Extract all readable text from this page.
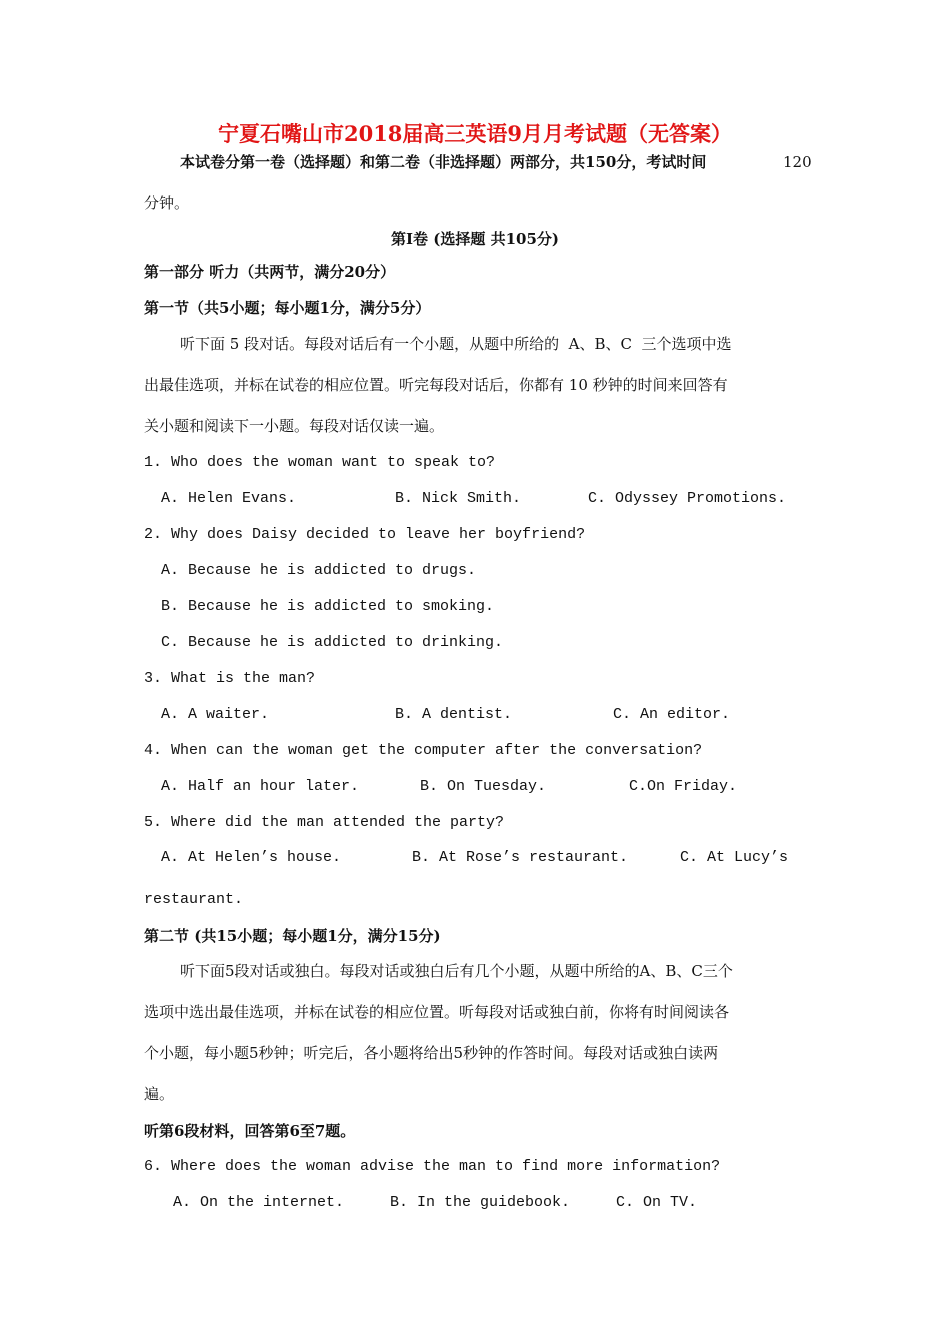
宁夏石嘴山市2018届高三英语9月月考试题（无答案）
本试卷分第一卷（选择题）和第二卷（非选择题）两部分，共150分，考试时间	120
分钟。
第Ⅰ卷 (选择题 共105分)
第一部分 听力（共两节，满分20分）
第一节（共5小题；每小题1分，满分5分）
听下面 5 段对话。每段对话后有一个小题，从题中所给的  A、B、C  三个选项中选
出最佳选项，并标在试卷的相应位置。听完每段对话后，你都有 10 秒钟的时间来回答有
关小题和阅读下一小题。每段对话仅读一遍。
1. Who does the woman want to speak to?
A. Helen Evans.	B. Nick Smith.	C. Odyssey Promotions.
2. Why does Daisy decided to leave her boyfriend?
A. Because he is addicted to drugs.
B. Because he is addicted to smoking.
C. Because he is addicted to drinking.
3. What is the man?
A. A waiter.	B. A dentist.	C. An editor.
4. When can the woman get the computer after the conversation?
A. Half an hour later.	B. On Tuesday.	C.On Friday.
5. Where did the man attended the party?
A. At Helen’s house.	B. At Rose’s restaurant.	C. At Lucy’s
restaurant.
第二节 (共15小题；每小题1分，满分15分)
听下面5段对话或独白。每段对话或独白后有几个小题，从题中所给的A、B、C三个
选项中选出最佳选项，并标在试卷的相应位置。听每段对话或独白前，你将有时间阅读各
个小题，每小题5秒钟；听完后，各小题将给出5秒钟的作答时间。每段对话或独白读两
遍。
听第6段材料，回答第6至7题。
6. Where does the woman advise the man to find more information?
A. On the internet.	B. In the guidebook.	C. On TV.
